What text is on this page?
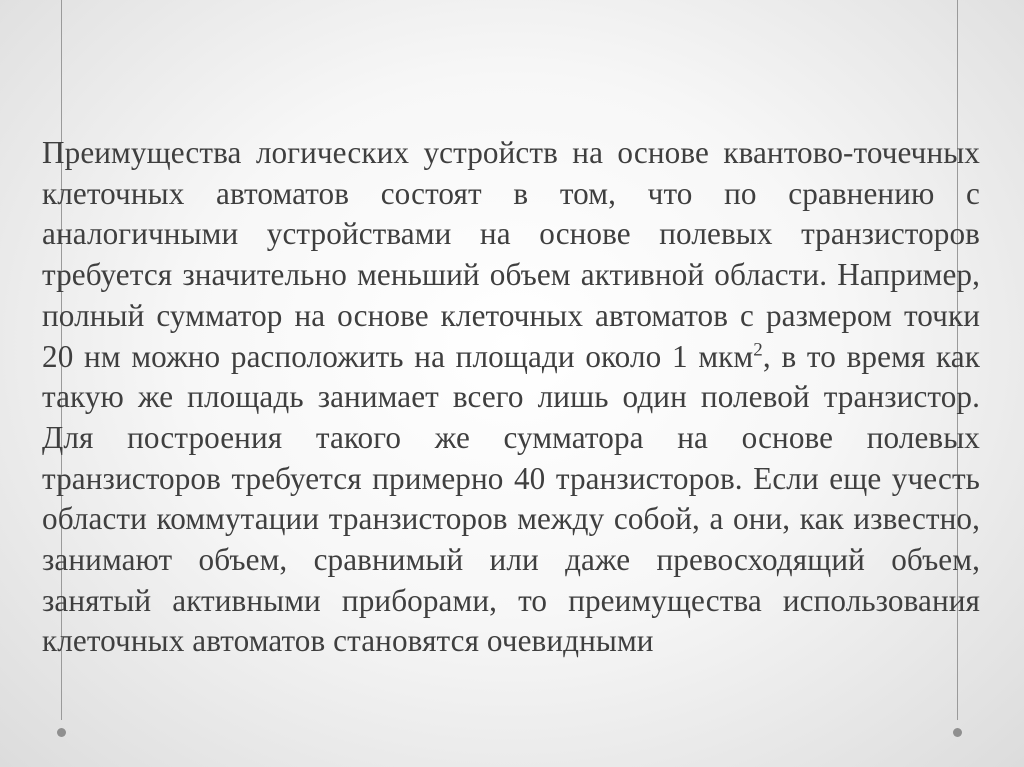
Преимущества логических устройств на основе квантово-точечных клеточных автоматов состоят в том, что по сравнению с аналогичными устройствами на основе полевых транзисторов требуется значительно меньший объем активной области. Например, полный сумматор на основе клеточных автоматов с размером точки 20 нм можно расположить на площади около 1 мкм$^2$, в то время как такую же площадь занимает всего лишь один полевой транзистор. Для построения такого же сумматора на основе полевых транзисторов требуется примерно 40 транзисторов. Если еще учесть области коммутации транзисторов между собой, а они, как известно, занимают объем, сравнимый или даже превосходящий объем, занятый активными приборами, то преимущества использования клеточных автоматов становятся очевидными
